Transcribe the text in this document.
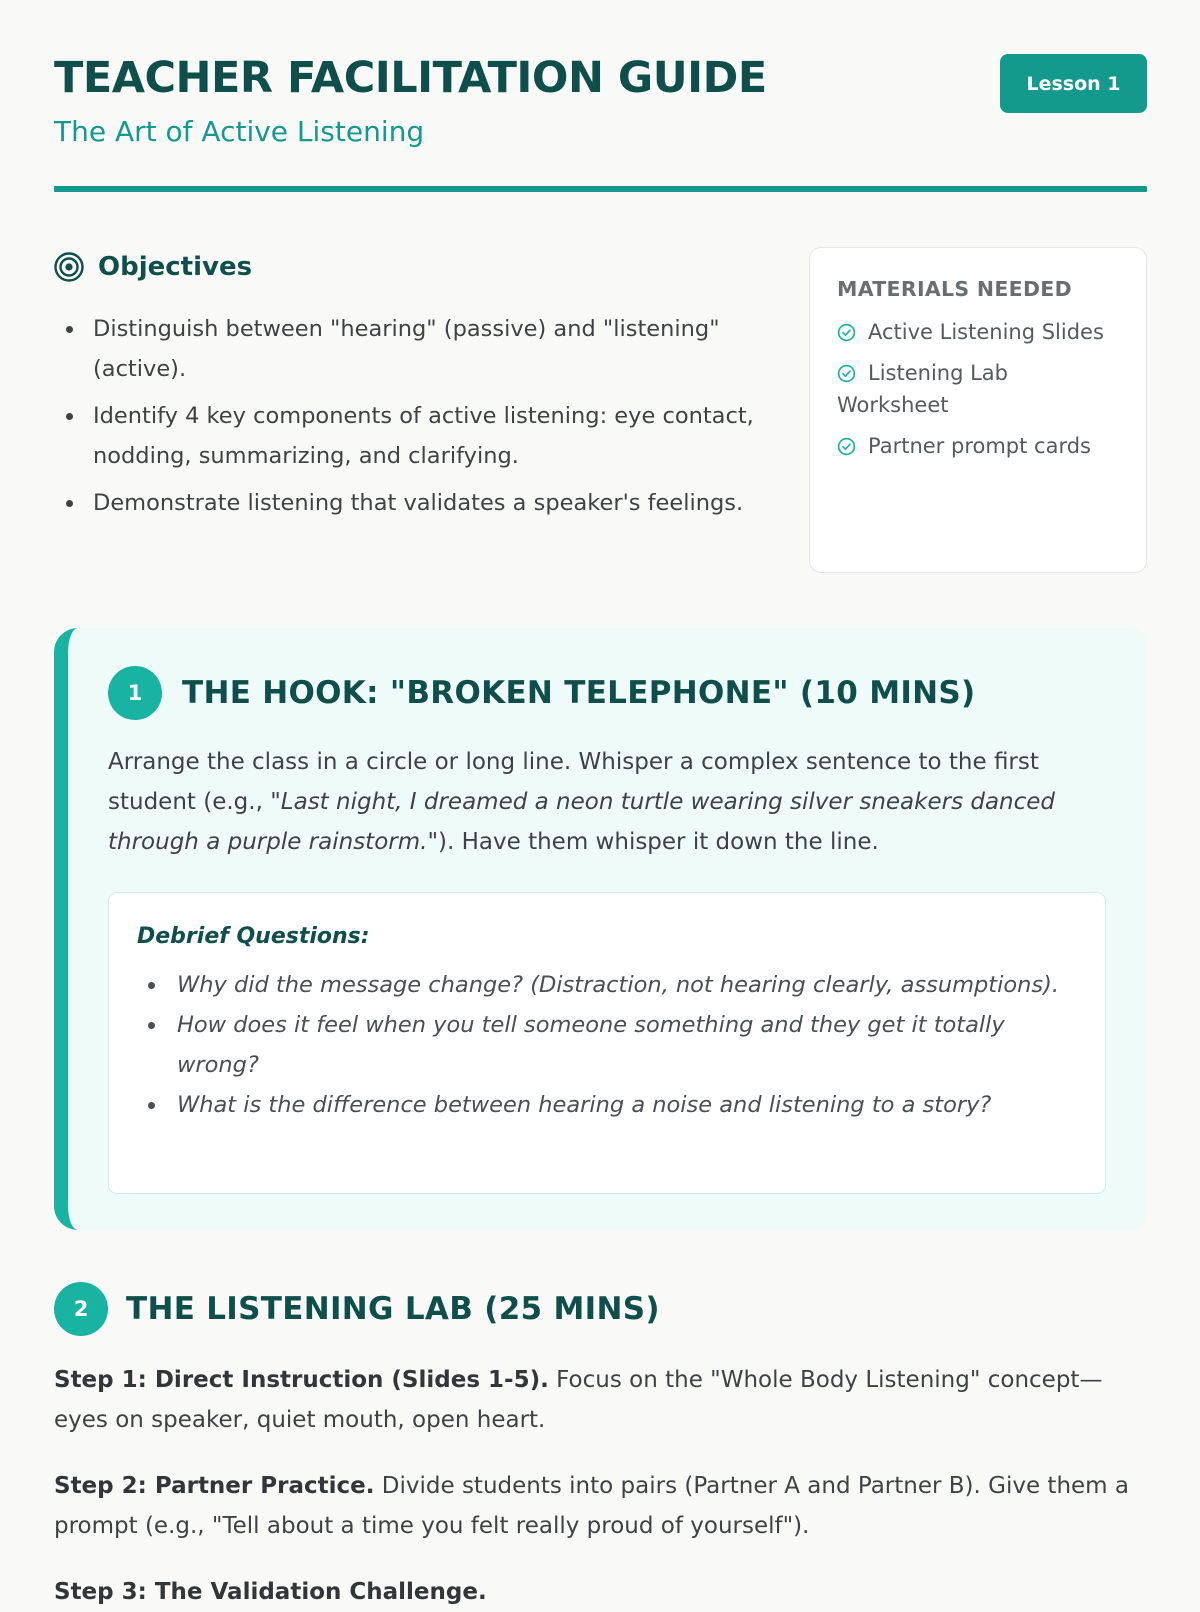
TEACHER FACILITATION GUIDE
The Art of Active Listening
Lesson 1
Objectives
Distinguish between "hearing" (passive) and "listening" (active).
Identify 4 key components of active listening: eye contact, nodding, summarizing, and clarifying.
Demonstrate listening that validates a speaker's feelings.
MATERIALS NEEDED
Active Listening Slides
Listening Lab Worksheet
Partner prompt cards
1	THE HOOK: "BROKEN TELEPHONE" (10 MINS)

Arrange the class in a circle or long line. Whisper a complex sentence to the first student (e.g., "Last night, I dreamed a neon turtle wearing silver sneakers danced through a purple rainstorm."). Have them whisper it down the line.

Debrief Questions:
Why did the message change? (Distraction, not hearing clearly, assumptions).
How does it feel when you tell someone something and they get it totally wrong?
What is the difference between hearing a noise and listening to a story?
2	THE LISTENING LAB (25 MINS)

Step 1: Direct Instruction (Slides 1-5). Focus on the "Whole Body Listening" concept—eyes on speaker, quiet mouth, open heart.

Step 2: Partner Practice. Divide students into pairs (Partner A and Partner B). Give them a prompt (e.g., "Tell about a time you felt really proud of yourself").

Step 3: The Validation Challenge.
